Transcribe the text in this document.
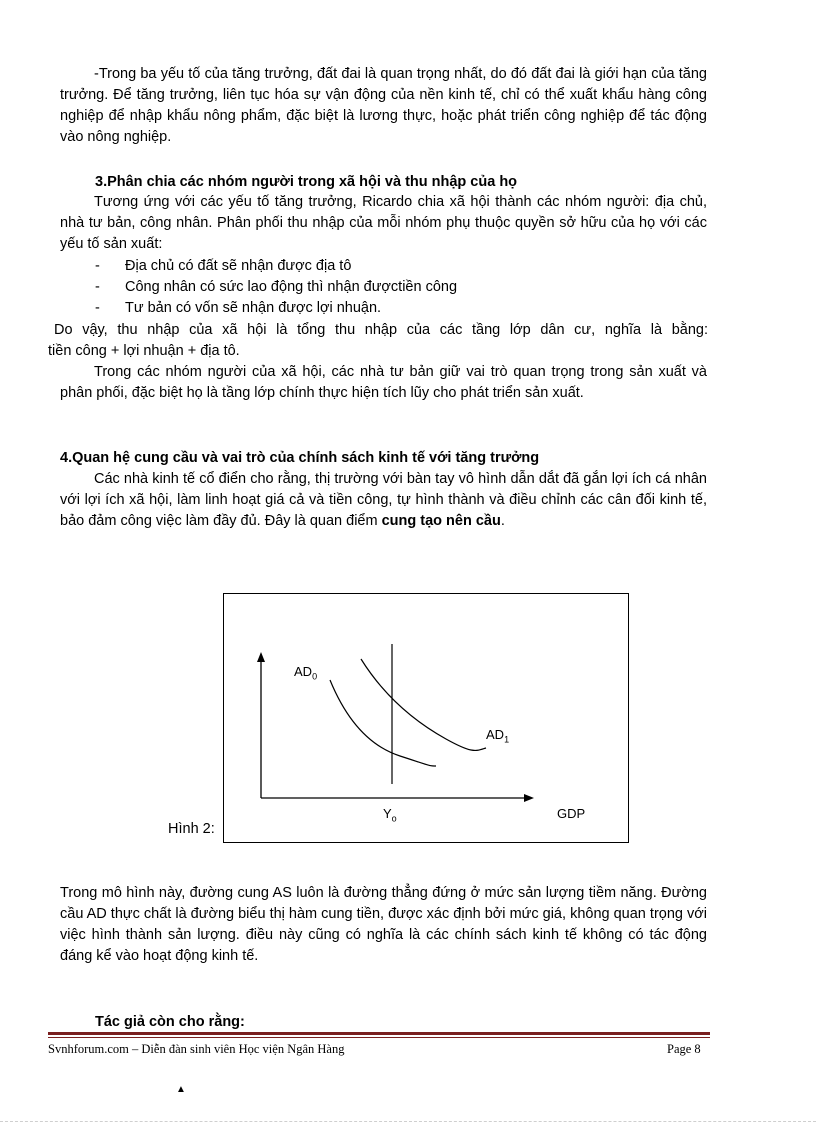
-Trong ba yếu tố của tăng trưởng, đất đai là quan trọng nhất, do đó đất đai là giới hạn của tăng trưởng. Để tăng trưởng, liên tục hóa sự vận động của nền kinh tế, chỉ có thể xuất khẩu hàng công nghiệp để nhập khẩu nông phẩm, đặc biệt là lương thực, hoặc phát triển công nghiệp để tác động vào nông nghiệp.
3.Phân chia các nhóm người trong xã hội và thu nhập của họ
Tương ứng với các yếu tố tăng trưởng, Ricardo chia xã hội thành các nhóm người: địa chủ, nhà tư bản, công nhân. Phân phối thu nhập của mỗi nhóm phụ thuộc quyền sở hữu của họ với các yếu tố sản xuất:
- Địa chủ có đất sẽ nhận được địa tô
- Công nhân có sức lao động thì nhận đượctiền công
- Tư bản có vốn sẽ nhận được lợi nhuận.
Do vậy, thu nhập của xã hội là tổng thu nhập của các tầng lớp dân cư, nghĩa là bằng:
tiền công + lợi nhuận + địa tô.
Trong các nhóm người của xã hội, các nhà tư bản giữ vai trò quan trọng trong sản xuất và phân phối, đặc biệt họ là tầng lớp chính thực hiện tích lũy cho phát triển sản xuất.
4.Quan hệ cung cầu và vai trò của chính sách kinh tế với tăng trưởng
Các nhà kinh tế cổ điển cho rằng, thị trường với bàn tay vô hình dẫn dắt đã gắn lợi ích cá nhân với lợi ích xã hội, làm linh hoạt giá cả và tiền công, tự hình thành và điều chỉnh các cân đối kinh tế, bảo đảm công việc làm đầy đủ. Đây là quan điểm cung tạo nên cầu.
$AD_0$
$AD_1$
$Y_o$	GDP
Hình 2:
Trong mô hình này, đường cung AS luôn là đường thẳng đứng ở mức sản lượng tiềm năng. Đường cầu AD thực chất là đường biểu thị hàm cung tiền, được xác định bởi mức giá, không quan trọng với việc hình thành sản lượng. điều này cũng có nghĩa là các chính sách kinh tế không có tác động đáng kể vào hoạt động kinh tế.
Tác giả còn cho rằng:
Svnhforum.com – Diễn đàn sinh viên Học viện Ngân Hàng	Page 8
▲
